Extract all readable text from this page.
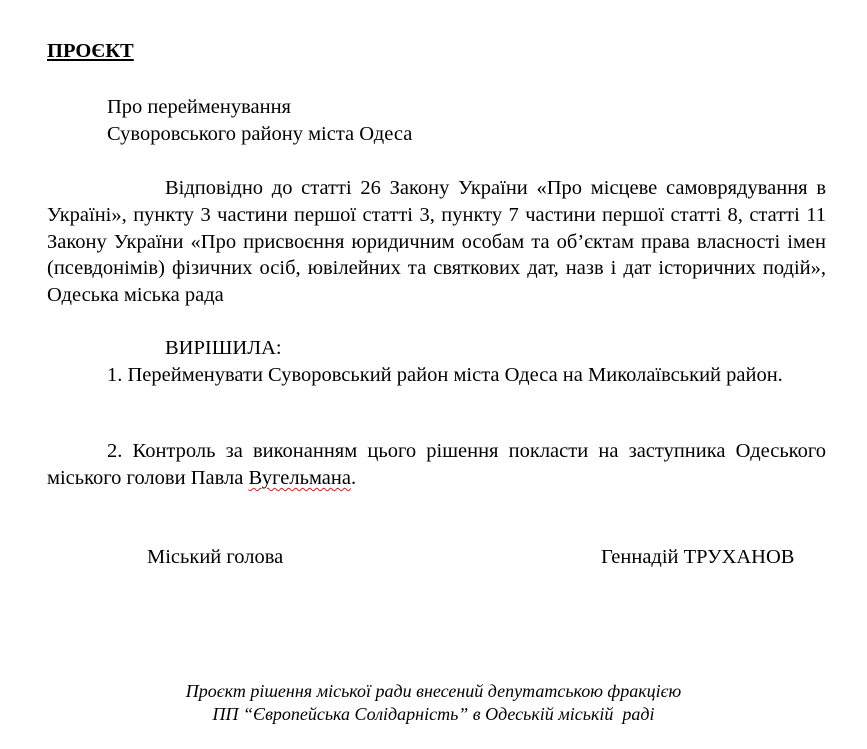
ПРОЄКТ
Про перейменування
Суворовського району міста Одеса
Відповідно до статті 26 Закону України «Про місцеве самоврядування в Україні», пункту 3 частини першої статті 3, пункту 7 частини першої статті 8, статті 11 Закону України «Про присвоєння юридичним особам та об’єктам права власності імен (псевдонімів) фізичних осіб, ювілейних та святкових дат, назв і дат історичних подій», Одеська міська рада
ВИРІШИЛА:
1. Перейменувати Суворовський район міста Одеса на Миколаївський район.
2. Контроль за виконанням цього рішення покласти на заступника Одеського міського голови Павла Вугельмана.
Міський голова	Геннадій ТРУХАНОВ
Проєкт рішення міської ради внесений депутатською фракцією
ПП “Європейська Солідарність” в Одеській міській  раді
